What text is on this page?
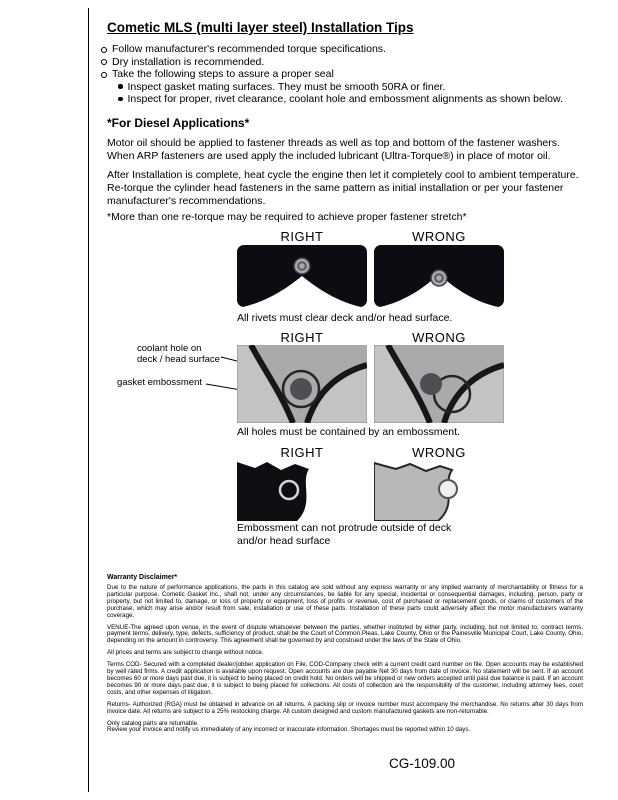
Cometic MLS (multi layer steel) Installation Tips
Follow manufacturer's recommended torque specifications.
Dry installation is recommended.
Take the following steps to assure a proper seal
Inspect gasket mating surfaces. They must be smooth 50RA or finer.
Inspect for proper, rivet clearance, coolant hole and embossment alignments as shown below.
*For Diesel Applications*
Motor oil should be applied to fastener threads as well as top and bottom of the fastener washers. When ARP fasteners are used apply the included lubricant (Ultra-Torque®) in place of motor oil.
After Installation is complete, heat cycle the engine then let it completely cool to ambient temperature. Re-torque the cylinder head fasteners in the same pattern as initial installation or per your fastener manufacturer's recommendations.
*More than one re-torque may be required to achieve proper fastener stretch*
RIGHT	WRONG
All rivets must clear deck and/or head surface.
RIGHT	WRONG
coolant hole on deck / head surface
gasket embossment
All holes must be contained by an embossment.
RIGHT	WRONG
Embossment can not protrude outside of deck and/or head surface
Warranty Disclaimer*

Due to the nature of performance applications, the parts in this catalog are sold without any express warranty or any implied warranty of merchantability or fitness for a particular purpose. Cometic Gasket Inc., shall not, under any circumstances, be liable for any special, incidental or consequential damages, including, person, party or property, but not limited to, damage, or loss of property or equipment, loss of profits or revenue, cost of purchased or replacement goods, or claims of customers of the purchase, which may arise and/or result from sale, installation or use of these parts. Installation of these parts could adversely affect the motor manufacturers warranty coverage.

VENUE-The agreed upon venue, in the event of dispute whatsoever between the parties, whether instituted by either party, including, but not limited to, contract terms, payment terms, delivery, type, defects, sufficiency of product, shall be the Court of Common Pleas, Lake County, Ohio or the Painesville Municipal Court, Lake County, Ohio, depending on the amount in controversy. This agreement shall be governed by and construed under the laws of the State of Ohio.

All prices and terms are subject to change without notice.

Terms COD- Secured with a completed dealer/jobber application on File, COD-Company check with a current credit card number on file. Open accounts may be established by well rated firms. A credit application is available upon request. Open accounts are due payable Net 30 days from date of invoice. No statement will be sent. If an account becomes 60 or more days past due, it is subject to being placed on credit hold. No orders will be shipped or new orders accepted until past due balance is paid. If an account becomes 90 or more days past due, it is subject to being placed for collections. All costs of collection are the responsibility of the customer, including attorney fees, court costs, and other expenses of litigation.

Returns- Authorized (RGA) must be obtained in advance on all returns. A packing slip or invoice number must accompany the merchandise. No returns after 30 days from invoice date. All returns are subject to a 25% restocking charge. All custom designed and custom manufactured gaskets are non-returnable.

Only catalog parts are returnable.

Review your invoice and notify us immediately of any incorrect or inaccurate information. Shortages must be reported within 10 days.

CG-109.00
